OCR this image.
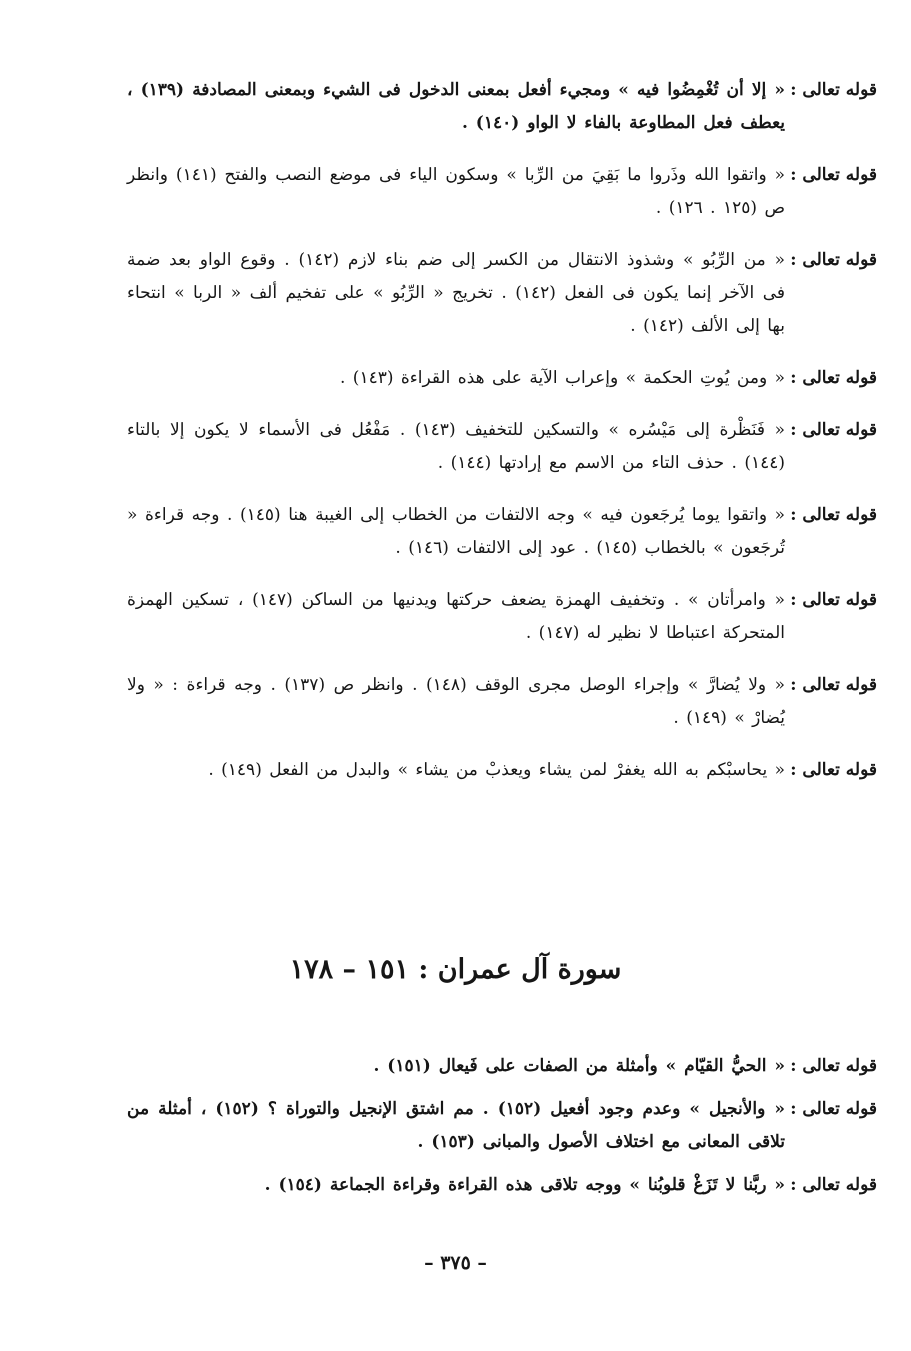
قوله تعالى :
« إلا أن تُغْمِضُوا فيه » ومجيء أفعل بمعنى الدخول فى الشيء وبمعنى المصادفة (١٣٩) ، يعطف فعل المطاوعة بالفاء لا الواو (١٤٠) .
قوله تعالى :
« واتقوا الله وذَروا ما بَقِيَ من الرِّبا » وسكون الياء فى موضع النصب والفتح (١٤١) وانظر ص (١٢٥ . ١٢٦) .
قوله تعالى :
« من الرِّبُو » وشذوذ الانتقال من الكسر إلى ضم بناء لازم (١٤٢) . وقوع الواو بعد ضمة فى الآخر إنما يكون فى الفعل (١٤٢) . تخريج « الرِّبُو » على تفخيم ألف « الربا » انتحاء بها إلى الألف (١٤٢) .
قوله تعالى :
« ومن يُوتِ الحكمة » وإعراب الآية على هذه القراءة (١٤٣) .
قوله تعالى :
« فَنَظْرة إلى مَيْسُره » والتسكين للتخفيف (١٤٣) . مَفْعُل فى الأسماء لا يكون إلا بالتاء (١٤٤) . حذف التاء من الاسم مع إرادتها (١٤٤) .
قوله تعالى :
« واتقوا يوما يُرجَعون فيه » وجه الالتفات من الخطاب إلى الغيبة هنا (١٤٥) . وجه قراءة « تُرجَعون » بالخطاب (١٤٥) . عود إلى الالتفات (١٤٦) .
قوله تعالى :
« وامرأتان » . وتخفيف الهمزة يضعف حركتها ويدنيها من الساكن (١٤٧) ، تسكين الهمزة المتحركة اعتباطا لا نظير له (١٤٧) .
قوله تعالى :
« ولا يُضارَّ » وإجراء الوصل مجرى الوقف (١٤٨) . وانظر ص (١٣٧) . وجه قراءة : « ولا يُضارْ » (١٤٩) .
قوله تعالى :
« يحاسبْكم به الله يغفرْ لمن يشاء ويعذبْ من يشاء » والبدل من الفعل (١٤٩) .
سورة آل عمران : ١٥١ – ١٧٨
قوله تعالى :
« الحيُّ القيّام » وأمثلة من الصفات على فَيعال (١٥١) .
قوله تعالى :
« والأنجيل » وعدم وجود أفعيل (١٥٢) . مم اشتق الإنجيل والتوراة ؟ (١٥٢) ، أمثلة من تلاقى المعانى مع اختلاف الأصول والمبانى (١٥٣) .
قوله تعالى :
« ربَّنا لا تَزَغْ قلوبُنا » ووجه تلاقى هذه القراءة وقراءة الجماعة (١٥٤) .
– ٣٧٥ –
